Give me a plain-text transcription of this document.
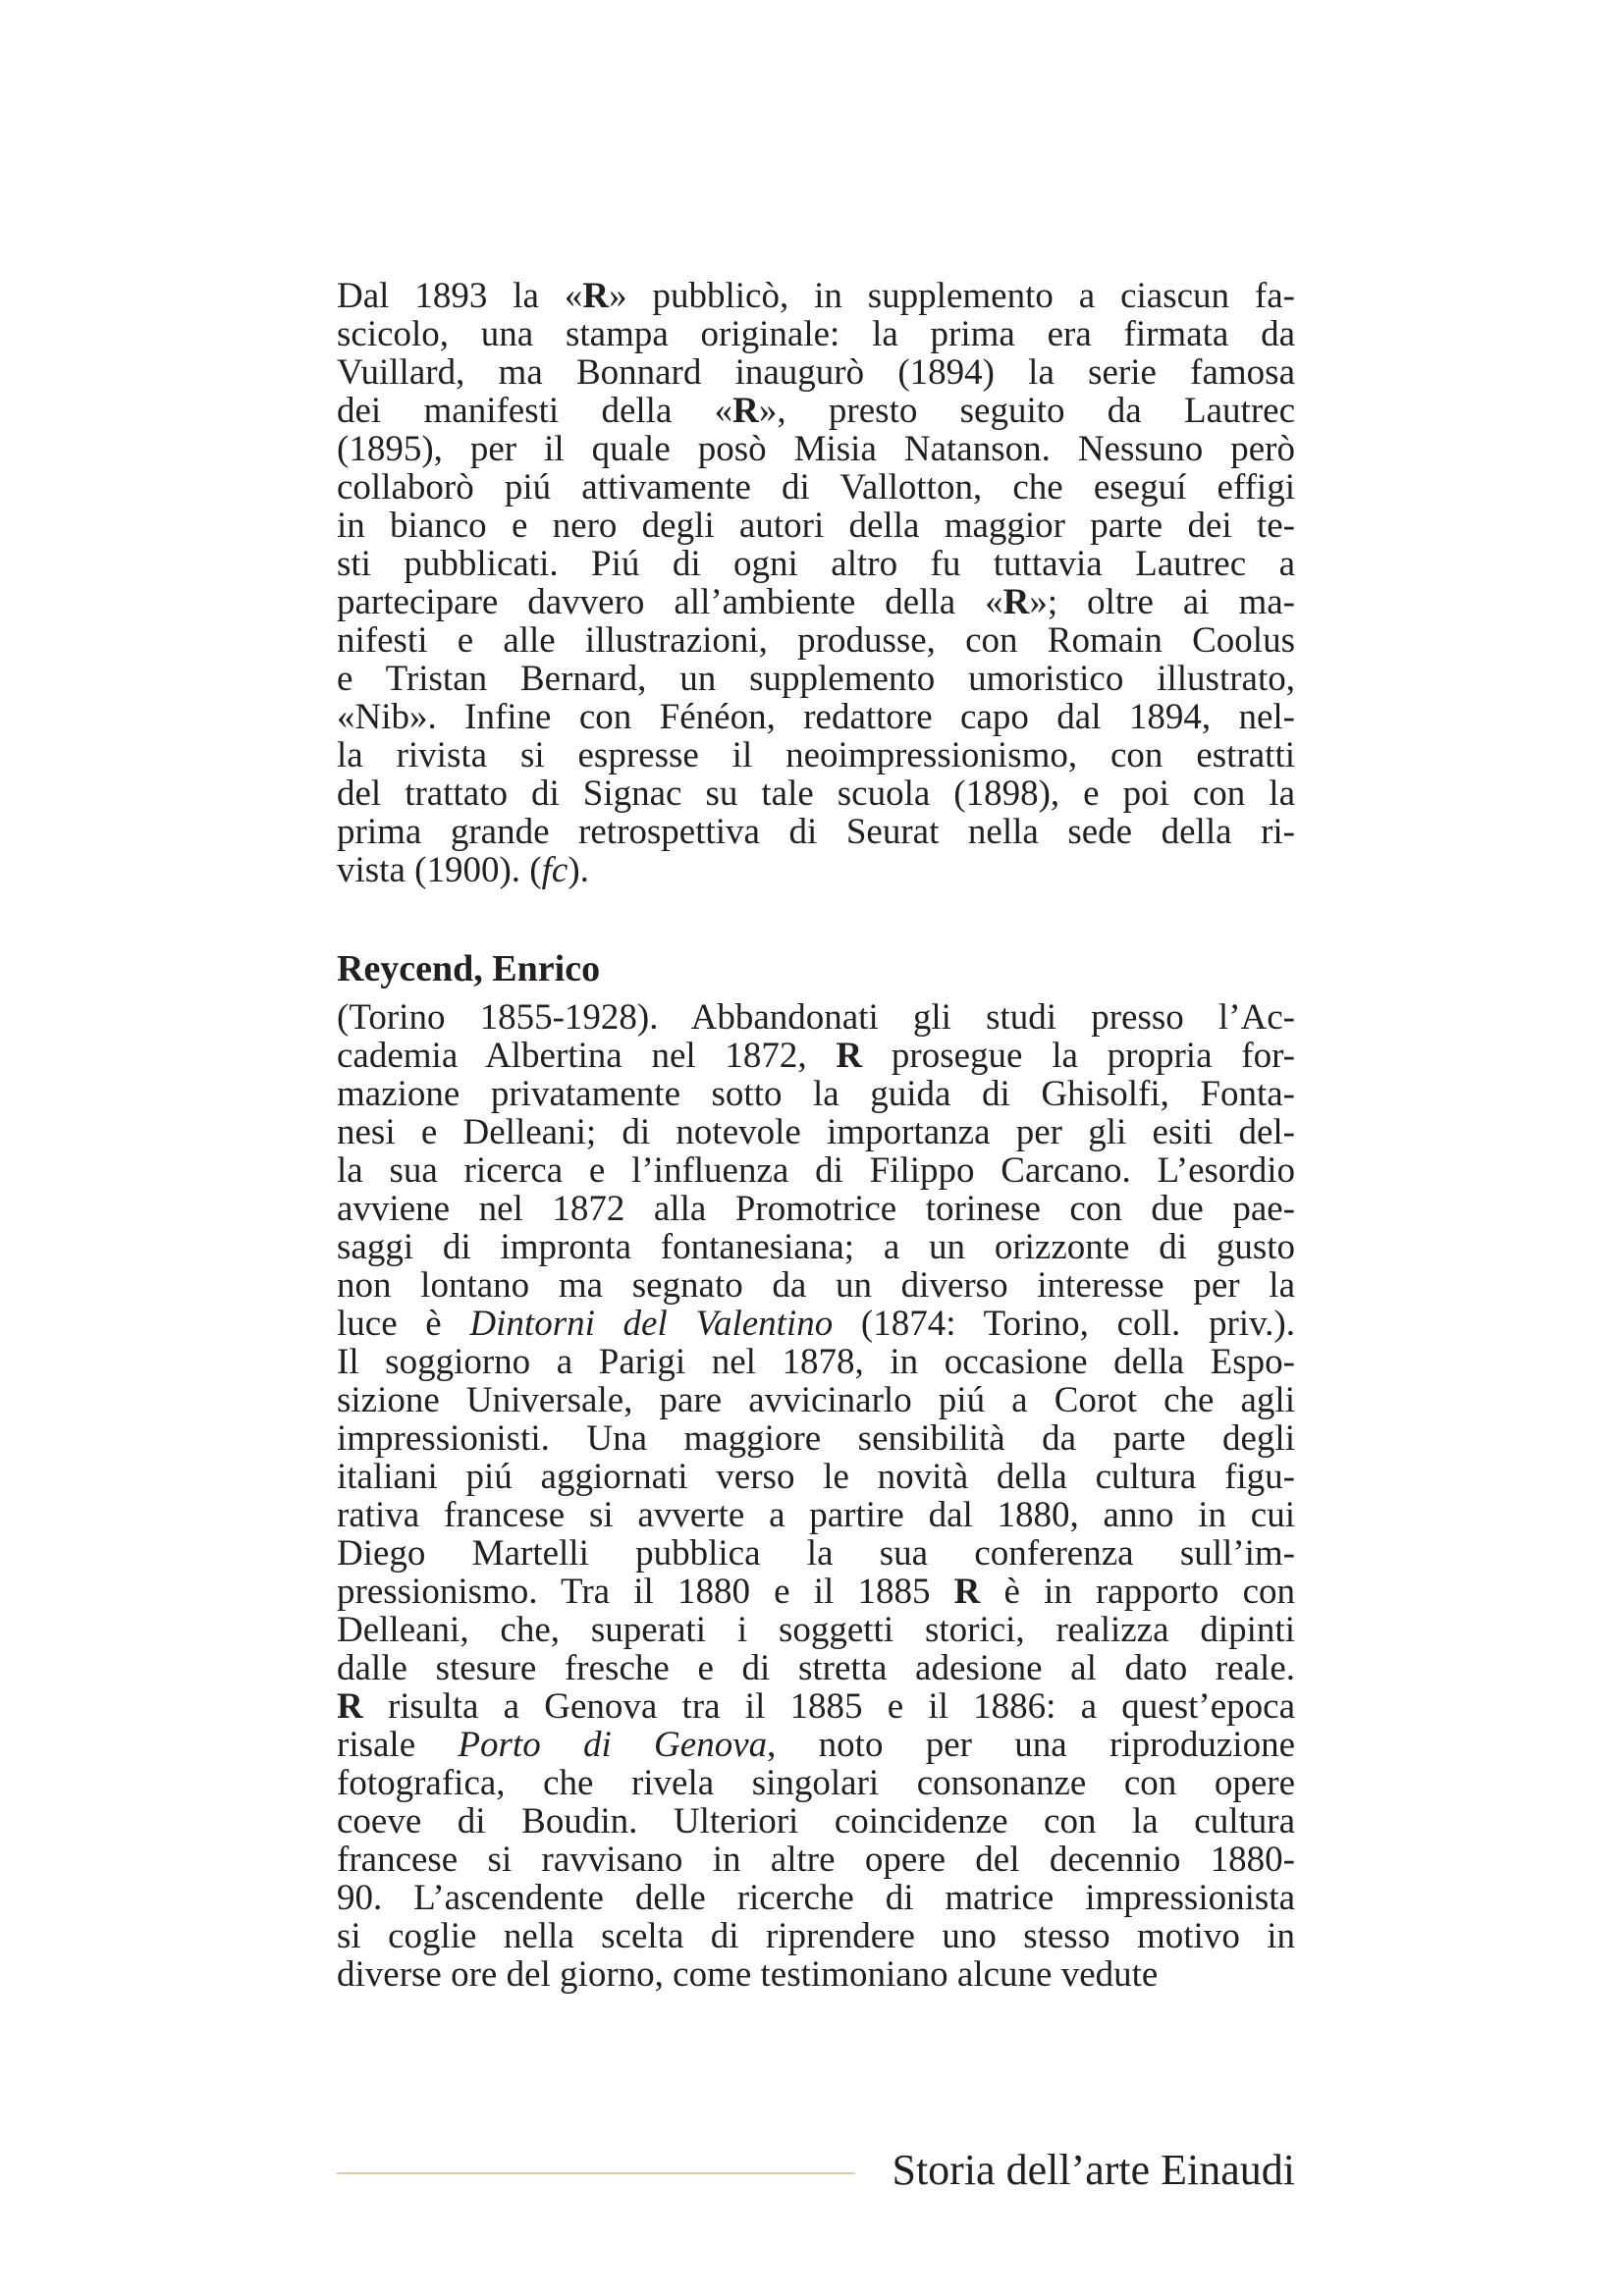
Dal 1893 la «R» pubblicò, in supplemento a ciascun fa-
scicolo, una stampa originale: la prima era firmata da
Vuillard, ma Bonnard inaugurò (1894) la serie famosa
dei manifesti della «R», presto seguito da Lautrec
(1895), per il quale posò Misia Natanson. Nessuno però
collaborò piú attivamente di Vallotton, che eseguí effigi
in bianco e nero degli autori della maggior parte dei te-
sti pubblicati. Piú di ogni altro fu tuttavia Lautrec a
partecipare davvero all’ambiente della «R»; oltre ai ma-
nifesti e alle illustrazioni, produsse, con Romain Coolus
e Tristan Bernard, un supplemento umoristico illustrato,
«Nib». Infine con Fénéon, redattore capo dal 1894, nel-
la rivista si espresse il neoimpressionismo, con estratti
del trattato di Signac su tale scuola (1898), e poi con la
prima grande retrospettiva di Seurat nella sede della ri-
vista (1900). (fc).
Reycend, Enrico
(Torino 1855-1928). Abbandonati gli studi presso l’Ac-
cademia Albertina nel 1872, R prosegue la propria for-
mazione privatamente sotto la guida di Ghisolfi, Fonta-
nesi e Delleani; di notevole importanza per gli esiti del-
la sua ricerca e l’influenza di Filippo Carcano. L’esordio
avviene nel 1872 alla Promotrice torinese con due pae-
saggi di impronta fontanesiana; a un orizzonte di gusto
non lontano ma segnato da un diverso interesse per la
luce è Dintorni del Valentino (1874: Torino, coll. priv.).
Il soggiorno a Parigi nel 1878, in occasione della Espo-
sizione Universale, pare avvicinarlo piú a Corot che agli
impressionisti. Una maggiore sensibilità da parte degli
italiani piú aggiornati verso le novità della cultura figu-
rativa francese si avverte a partire dal 1880, anno in cui
Diego Martelli pubblica la sua conferenza sull’im-
pressionismo. Tra il 1880 e il 1885 R è in rapporto con
Delleani, che, superati i soggetti storici, realizza dipinti
dalle stesure fresche e di stretta adesione al dato reale.
R risulta a Genova tra il 1885 e il 1886: a quest’epoca
risale Porto di Genova, noto per una riproduzione
fotografica, che rivela singolari consonanze con opere
coeve di Boudin. Ulteriori coincidenze con la cultura
francese si ravvisano in altre opere del decennio 1880-
90. L’ascendente delle ricerche di matrice impressionista
si coglie nella scelta di riprendere uno stesso motivo in
diverse ore del giorno, come testimoniano alcune vedute
Storia dell’arte Einaudi
